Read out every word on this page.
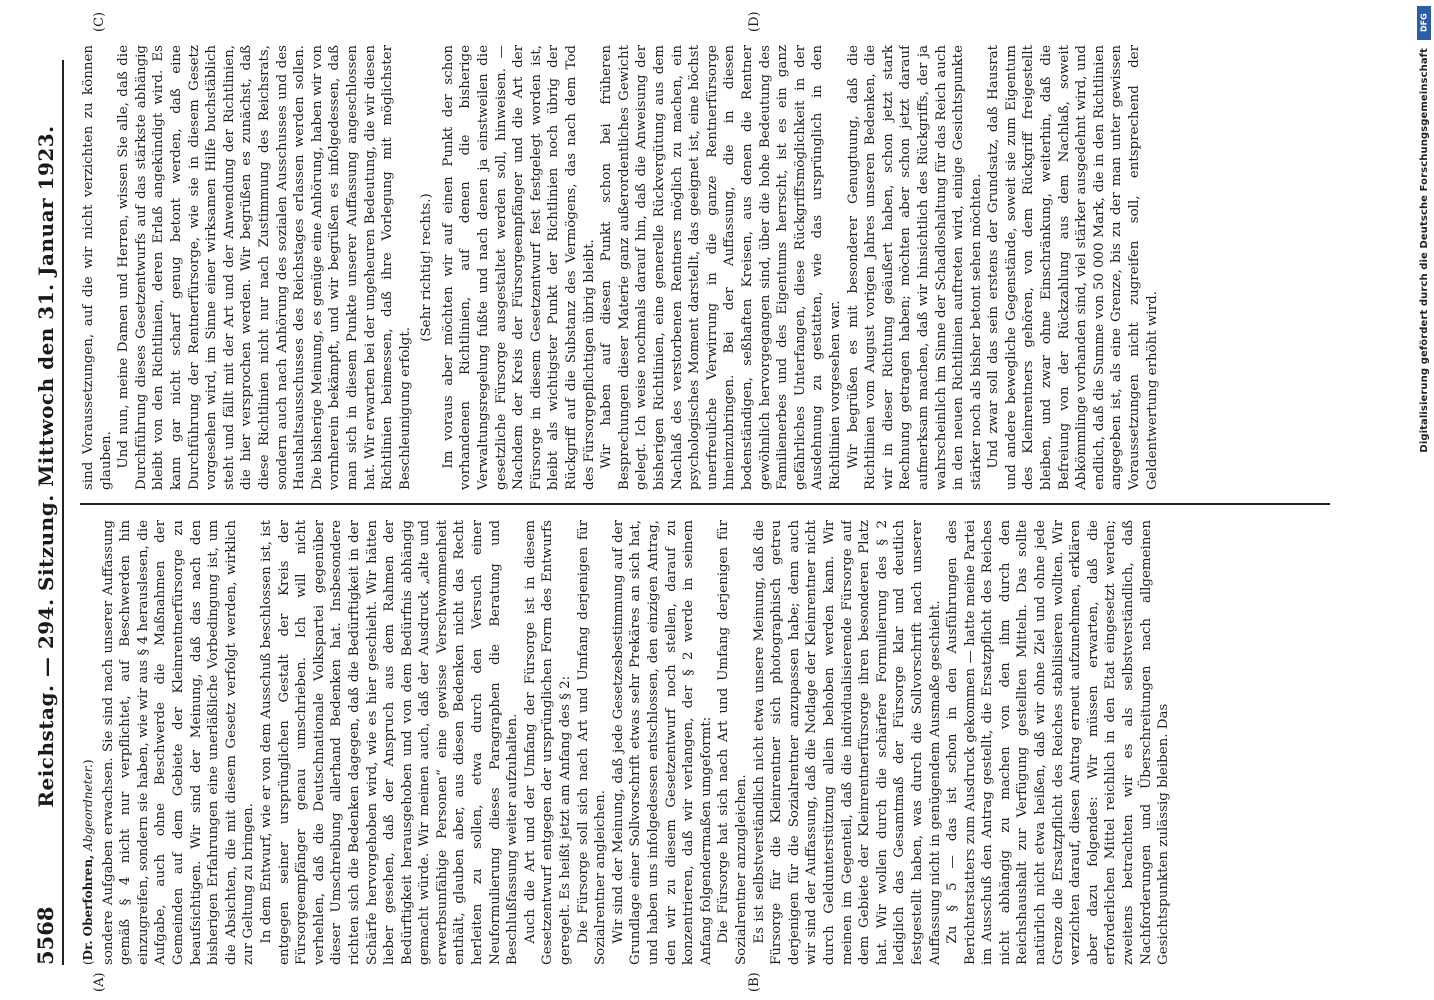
5568
Reichstag. — 294. Sitzung. Mittwoch den 31. Januar 1923.
(A)	(B)
(C)	(D)

(Dr. Oberfohren, Abgeordneter.) sondere Aufgaben erwachsen. Sie sind nach unserer Auffassung gemäß § 4 nicht nur verpflichtet, auf Beschwerden hin einzugreifen, sondern sie haben, wie wir aus § 4 herauslesen, die Aufgabe, auch ohne Beschwerde die Maßnahmen der Gemeinden auf dem Gebiete der Kleinrentnerfürsorge zu beaufsichtigen. Wir sind der Meinung, daß das nach den bisherigen Erfahrungen eine unerläßliche Vorbedingung ist, um die Absichten, die mit diesem Gesetz verfolgt werden, wirklich zur Geltung zu bringen. In dem Entwurf, wie er von dem Ausschuß beschlossen ist, ist entgegen seiner ursprünglichen Gestalt der Kreis der Fürsorgeempfänger genau umschrieben. Ich will nicht verhehlen, daß die Deutschnationale Volkspartei gegenüber dieser Umschreibung allerhand Bedenken hat. Insbesondere richten sich die Bedenken dagegen, daß die Bedürftigkeit in der Schärfe hervorgehoben wird, wie es hier geschieht. Wir hätten lieber gesehen, daß der Anspruch aus dem Rahmen der Bedürftigkeit herausgehoben und von dem Bedürfnis abhängig gemacht würde. Wir meinen auch, daß der Ausdruck „alte und erwerbsunfähige Personen“ eine gewisse Verschwommenheit enthält, glauben aber, aus diesen Bedenken nicht das Recht herleiten zu sollen, etwa durch den Versuch einer Neuformulierung dieses Paragraphen die Beratung und Beschlußfassung weiter aufzuhalten. Auch die Art und der Umfang der Fürsorge ist in diesem Gesetzentwurf entgegen der ursprünglichen Form des Entwurfs geregelt. Es heißt jetzt am Anfang des § 2: Die Fürsorge soll sich nach Art und Umfang derjenigen für Sozialrentner angleichen. Wir sind der Meinung, daß jede Gesetzesbestimmung auf der Grundlage einer Sollvorschrift etwas sehr Prekäres an sich hat, und haben uns infolgedessen entschlossen, den einzigen Antrag, den wir zu diesem Gesetzentwurf noch stellen, darauf zu konzentrieren, daß wir verlangen, der § 2 werde in seinem Anfang folgendermaßen umgeformt: Die Fürsorge hat sich nach Art und Umfang derjenigen für Sozialrentner anzugleichen. Es ist selbstverständlich nicht etwa unsere Meinung, daß die Fürsorge für die Kleinrentner sich photographisch getreu derjenigen für die Sozialrentner anzupassen habe; denn auch wir sind der Auffassung, daß die Notlage der Kleinrentner nicht durch Geldunterstützung allein behoben werden kann. Wir meinen im Gegenteil, daß die individualisierende Fürsorge auf dem Gebiete der Kleinrentnerfürsorge ihren besonderen Platz hat. Wir wollen durch die schärfere Formulierung des § 2 lediglich das Gesamtmaß der Fürsorge klar und deutlich festgestellt haben, was durch die Sollvorschrift nach unserer Auffassung nicht in genügendem Ausmaße geschieht. Zu § 5 — das ist schon in den Ausführungen des Berichterstatters zum Ausdruck gekommen — hatte meine Partei im Ausschuß den Antrag gestellt, die Ersatzpflicht des Reiches nicht abhängig zu machen von den ihm durch den Reichshaushalt zur Verfügung gestellten Mitteln. Das sollte natürlich nicht etwa heißen, daß wir ohne Ziel und ohne jede Grenze die Ersatzpflicht des Reiches stabilisieren wollten. Wir verzichten darauf, diesen Antrag erneut aufzunehmen, erklären aber dazu folgendes: Wir müssen erwarten, daß die erforderlichen Mittel reichlich in den Etat eingesetzt werden; zweitens betrachten wir es als selbstverständlich, daß Nachforderungen und Überschreitungen nach allgemeinen Gesichtspunkten zulässig bleiben. Das

sind Voraussetzungen, auf die wir nicht verzichten zu können glauben. Und nun, meine Damen und Herren, wissen Sie alle, daß die Durchführung dieses Gesetzentwurfs auf das stärkste abhängig bleibt von den Richtlinien, deren Erlaß angekündigt wird. Es kann gar nicht scharf genug betont werden, daß eine Durchführung der Rentnerfürsorge, wie sie in diesem Gesetz vorgesehen wird, im Sinne einer wirksamen Hilfe buchstäblich steht und fällt mit der Art und der Anwendung der Richtlinien, die hier versprochen werden. Wir begrüßen es zunächst, daß diese Richtlinien nicht nur nach Zustimmung des Reichsrats, sondern auch nach Anhörung des sozialen Ausschusses und des Haushaltsausschusses des Reichstages erlassen werden sollen. Die bisherige Meinung, es genüge eine Anhörung, haben wir von vornherein bekämpft, und wir begrüßen es infolgedessen, daß man sich in diesem Punkte unserer Auffassung angeschlossen hat. Wir erwarten bei der ungeheuren Bedeutung, die wir diesen Richtlinien beimessen, daß ihre Vorlegung mit möglichster Beschleunigung erfolgt.

(Sehr richtig! rechts.) Im voraus aber möchten wir auf einen Punkt der schon vorhandenen Richtlinien, auf denen die bisherige Verwaltungsregelung fußte und nach denen ja einstweilen die gesetzliche Fürsorge ausgestaltet werden soll, hinweisen. — Nachdem der Kreis der Fürsorgeempfänger und die Art der Fürsorge in diesem Gesetzentwurf fest festgelegt worden ist, bleibt als wichtigster Punkt der Richtlinien noch übrig der Rückgriff auf die Substanz des Vermögens, das nach dem Tod des Fürsorgepflichtigen übrig bleibt. Wir haben auf diesen Punkt schon bei früheren Besprechungen dieser Materie ganz außerordentliches Gewicht gelegt. Ich weise nochmals darauf hin, daß die Anweisung der bisherigen Richtlinien, eine generelle Rückvergütung aus dem Nachlaß des verstorbenen Rentners möglich zu machen, ein psychologisches Moment darstellt, das geeignet ist, eine höchst unerfreuliche Verwirrung in die ganze Rentnerfürsorge hineinzubringen. Bei der Auffassung, die in diesen bodenständigen, seßhaften Kreisen, aus denen die Rentner gewöhnlich hervorgegangen sind, über die hohe Bedeutung des Familienerbes und des Eigentums herrscht, ist es ein ganz gefährliches Unterfangen, diese Rückgriffsmöglichkeit in der Ausdehnung zu gestatten, wie das ursprünglich in den Richtlinien vorgesehen war. Wir begrüßen es mit besonderer Genugtuung, daß die Richtlinien vom August vorigen Jahres unseren Bedenken, die wir in dieser Richtung geäußert haben, schon jetzt stark Rechnung getragen haben; möchten aber schon jetzt darauf aufmerksam machen, daß wir hinsichtlich des Rückgriffs, der ja wahrscheinlich im Sinne der Schadloshaltung für das Reich auch in den neuen Richtlinien auftreten wird, einige Gesichtspunkte stärker noch als bisher betont sehen möchten. Und zwar soll das sein erstens der Grundsatz, daß Hausrat und andere bewegliche Gegenstände, soweit sie zum Eigentum des Kleinrentners gehören, von dem Rückgriff freigestellt bleiben, und zwar ohne Einschränkung, weiterhin, daß die Befreiung von der Rückzahlung aus dem Nachlaß, soweit Abkömmlinge vorhanden sind, viel stärker ausgedehnt wird, und endlich, daß die Summe von 50 000 Mark, die in den Richtlinien angegeben ist, als eine Grenze, bis zu der man unter gewissen Voraussetzungen nicht zugreifen soll, entsprechend der Geldentwertung erhöht wird.

DFG
Digitalisierung gefördert durch die Deutsche Forschungsgemeinschaft
